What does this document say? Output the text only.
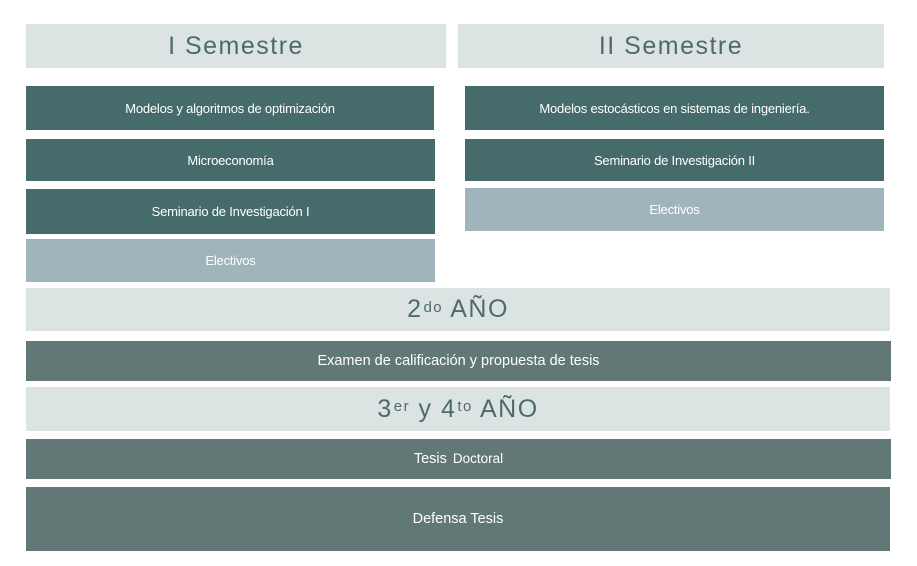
I Semestre
Modelos y algoritmos de optimización
Microeconomía
Seminario de Investigación I
Electivos
II Semestre
Modelos estocásticos en sistemas de ingeniería.
Seminario de Investigación II
Electivos
$2^{do}$ AÑO
Examen de calificación y propuesta de tesis
3er y $4^{to}$ AÑO
Tesis Doctoral
Defensa Tesis
